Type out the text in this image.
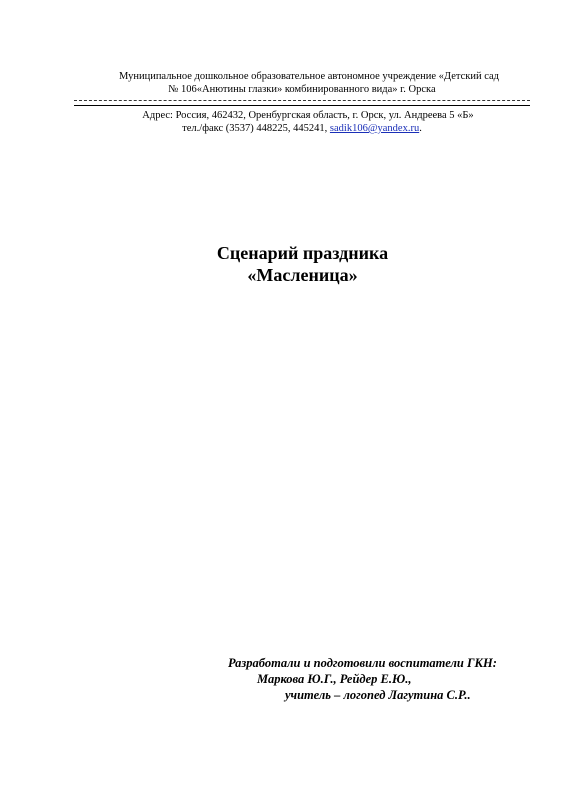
Муниципальное дошкольное образовательное автономное учреждение «Детский сад
№ 106«Анютины глазки» комбинированного вида» г. Орска
Адрес: Россия, 462432, Оренбургская область, г. Орск, ул. Андреева 5 «Б»
тел./факс (3537) 448225, 445241, sadik106@yandex.ru.
Сценарий праздника
«Масленица»
Разработали и подготовили воспитатели ГКН:
Маркова Ю.Г., Рейдер Е.Ю.,
учитель – логопед Лагутина С.Р..
